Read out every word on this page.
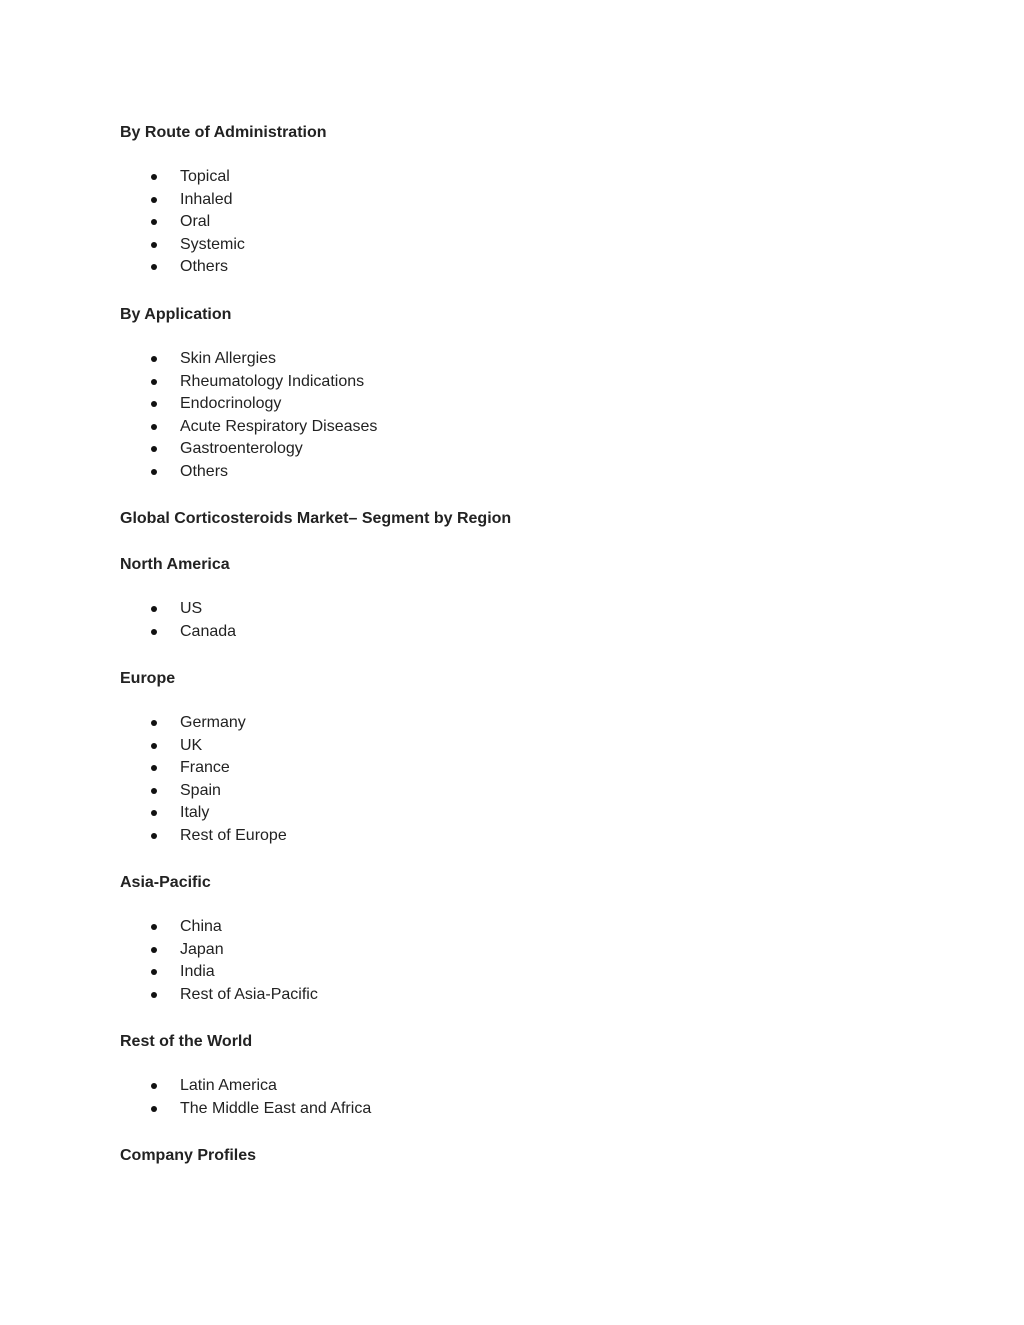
By Route of Administration
Topical
Inhaled
Oral
Systemic
Others
By Application
Skin Allergies
Rheumatology Indications
Endocrinology
Acute Respiratory Diseases
Gastroenterology
Others
Global Corticosteroids Market– Segment by Region
North America
US
Canada
Europe
Germany
UK
France
Spain
Italy
Rest of Europe
Asia-Pacific
China
Japan
India
Rest of Asia-Pacific
Rest of the World
Latin America
The Middle East and Africa
Company Profiles
